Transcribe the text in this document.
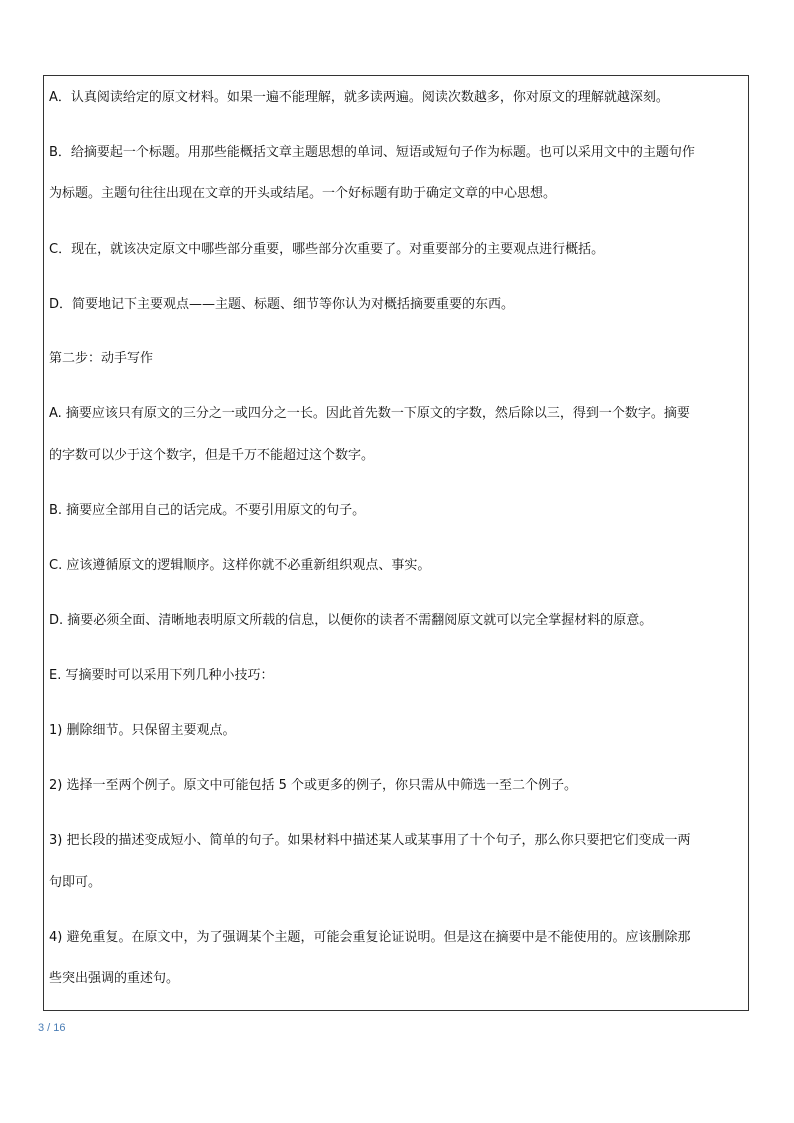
A．认真阅读给定的原文材料。如果一遍不能理解，就多读两遍。阅读次数越多，你对原文的理解就越深刻。
B．给摘要起一个标题。用那些能概括文章主题思想的单词、短语或短句子作为标题。也可以采用文中的主题句作
为标题。主题句往往出现在文章的开头或结尾。一个好标题有助于确定文章的中心思想。
C．现在，就该决定原文中哪些部分重要，哪些部分次重要了。对重要部分的主要观点进行概括。
D．简要地记下主要观点——主题、标题、细节等你认为对概括摘要重要的东西。
第二步：动手写作
A. 摘要应该只有原文的三分之一或四分之一长。因此首先数一下原文的字数，然后除以三，得到一个数字。摘要
的字数可以少于这个数字，但是千万不能超过这个数字。
B. 摘要应全部用自己的话完成。不要引用原文的句子。
C. 应该遵循原文的逻辑顺序。这样你就不必重新组织观点、事实。
D. 摘要必须全面、清晰地表明原文所载的信息，以便你的读者不需翻阅原文就可以完全掌握材料的原意。
E. 写摘要时可以采用下列几种小技巧：
1) 删除细节。只保留主要观点。
2) 选择一至两个例子。原文中可能包括 5 个或更多的例子，你只需从中筛选一至二个例子。
3) 把长段的描述变成短小、简单的句子。如果材料中描述某人或某事用了十个句子，那么你只要把它们变成一两
句即可。
4) 避免重复。在原文中，为了强调某个主题，可能会重复论证说明。但是这在摘要中是不能使用的。应该删除那
些突出强调的重述句。
3 / 16
